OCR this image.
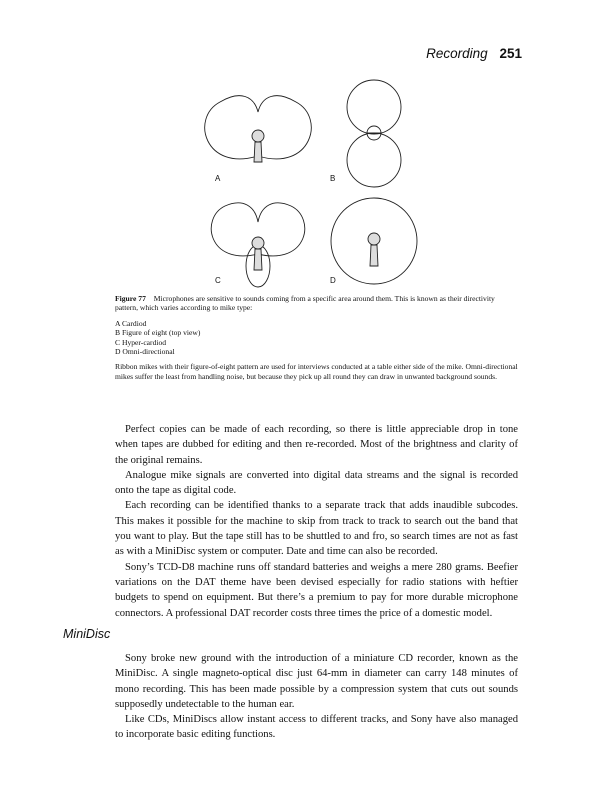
Recording 251
A	B
C	D

Figure 77 Microphones are sensitive to sounds coming from a specific area around them. This is known as their directivity pattern, which varies according to mike type:

A Cardiod
B Figure of eight (top view)
C Hyper-cardiod
D Omni-directional

Ribbon mikes with their figure-of-eight pattern are used for interviews conducted at a table either side of the mike. Omni-directional mikes suffer the least from handling noise, but because they pick up all round they can draw in unwanted background sounds.

Perfect copies can be made of each recording, so there is little appreciable drop in tone when tapes are dubbed for editing and then re-recorded. Most of the brightness and clarity of the original remains.

Analogue mike signals are converted into digital data streams and the signal is recorded onto the tape as digital code.

Each recording can be identified thanks to a separate track that adds inaudible subcodes. This makes it possible for the machine to skip from track to track to search out the band that you want to play. But the tape still has to be shuttled to and fro, so search times are not as fast as with a MiniDisc system or computer. Date and time can also be recorded.

Sony’s TCD-D8 machine runs off standard batteries and weighs a mere 280 grams. Beefier variations on the DAT theme have been devised especially for radio stations with heftier budgets to spend on equipment. But there’s a premium to pay for more durable microphone connectors. A professional DAT recorder costs three times the price of a domestic model.

MiniDisc

Sony broke new ground with the introduction of a miniature CD recorder, known as the MiniDisc. A single magneto-optical disc just 64-mm in diameter can carry 148 minutes of mono recording. This has been made possible by a compression system that cuts out sounds supposedly undetectable to the human ear.

Like CDs, MiniDiscs allow instant access to different tracks, and Sony have also managed to incorporate basic editing functions.
